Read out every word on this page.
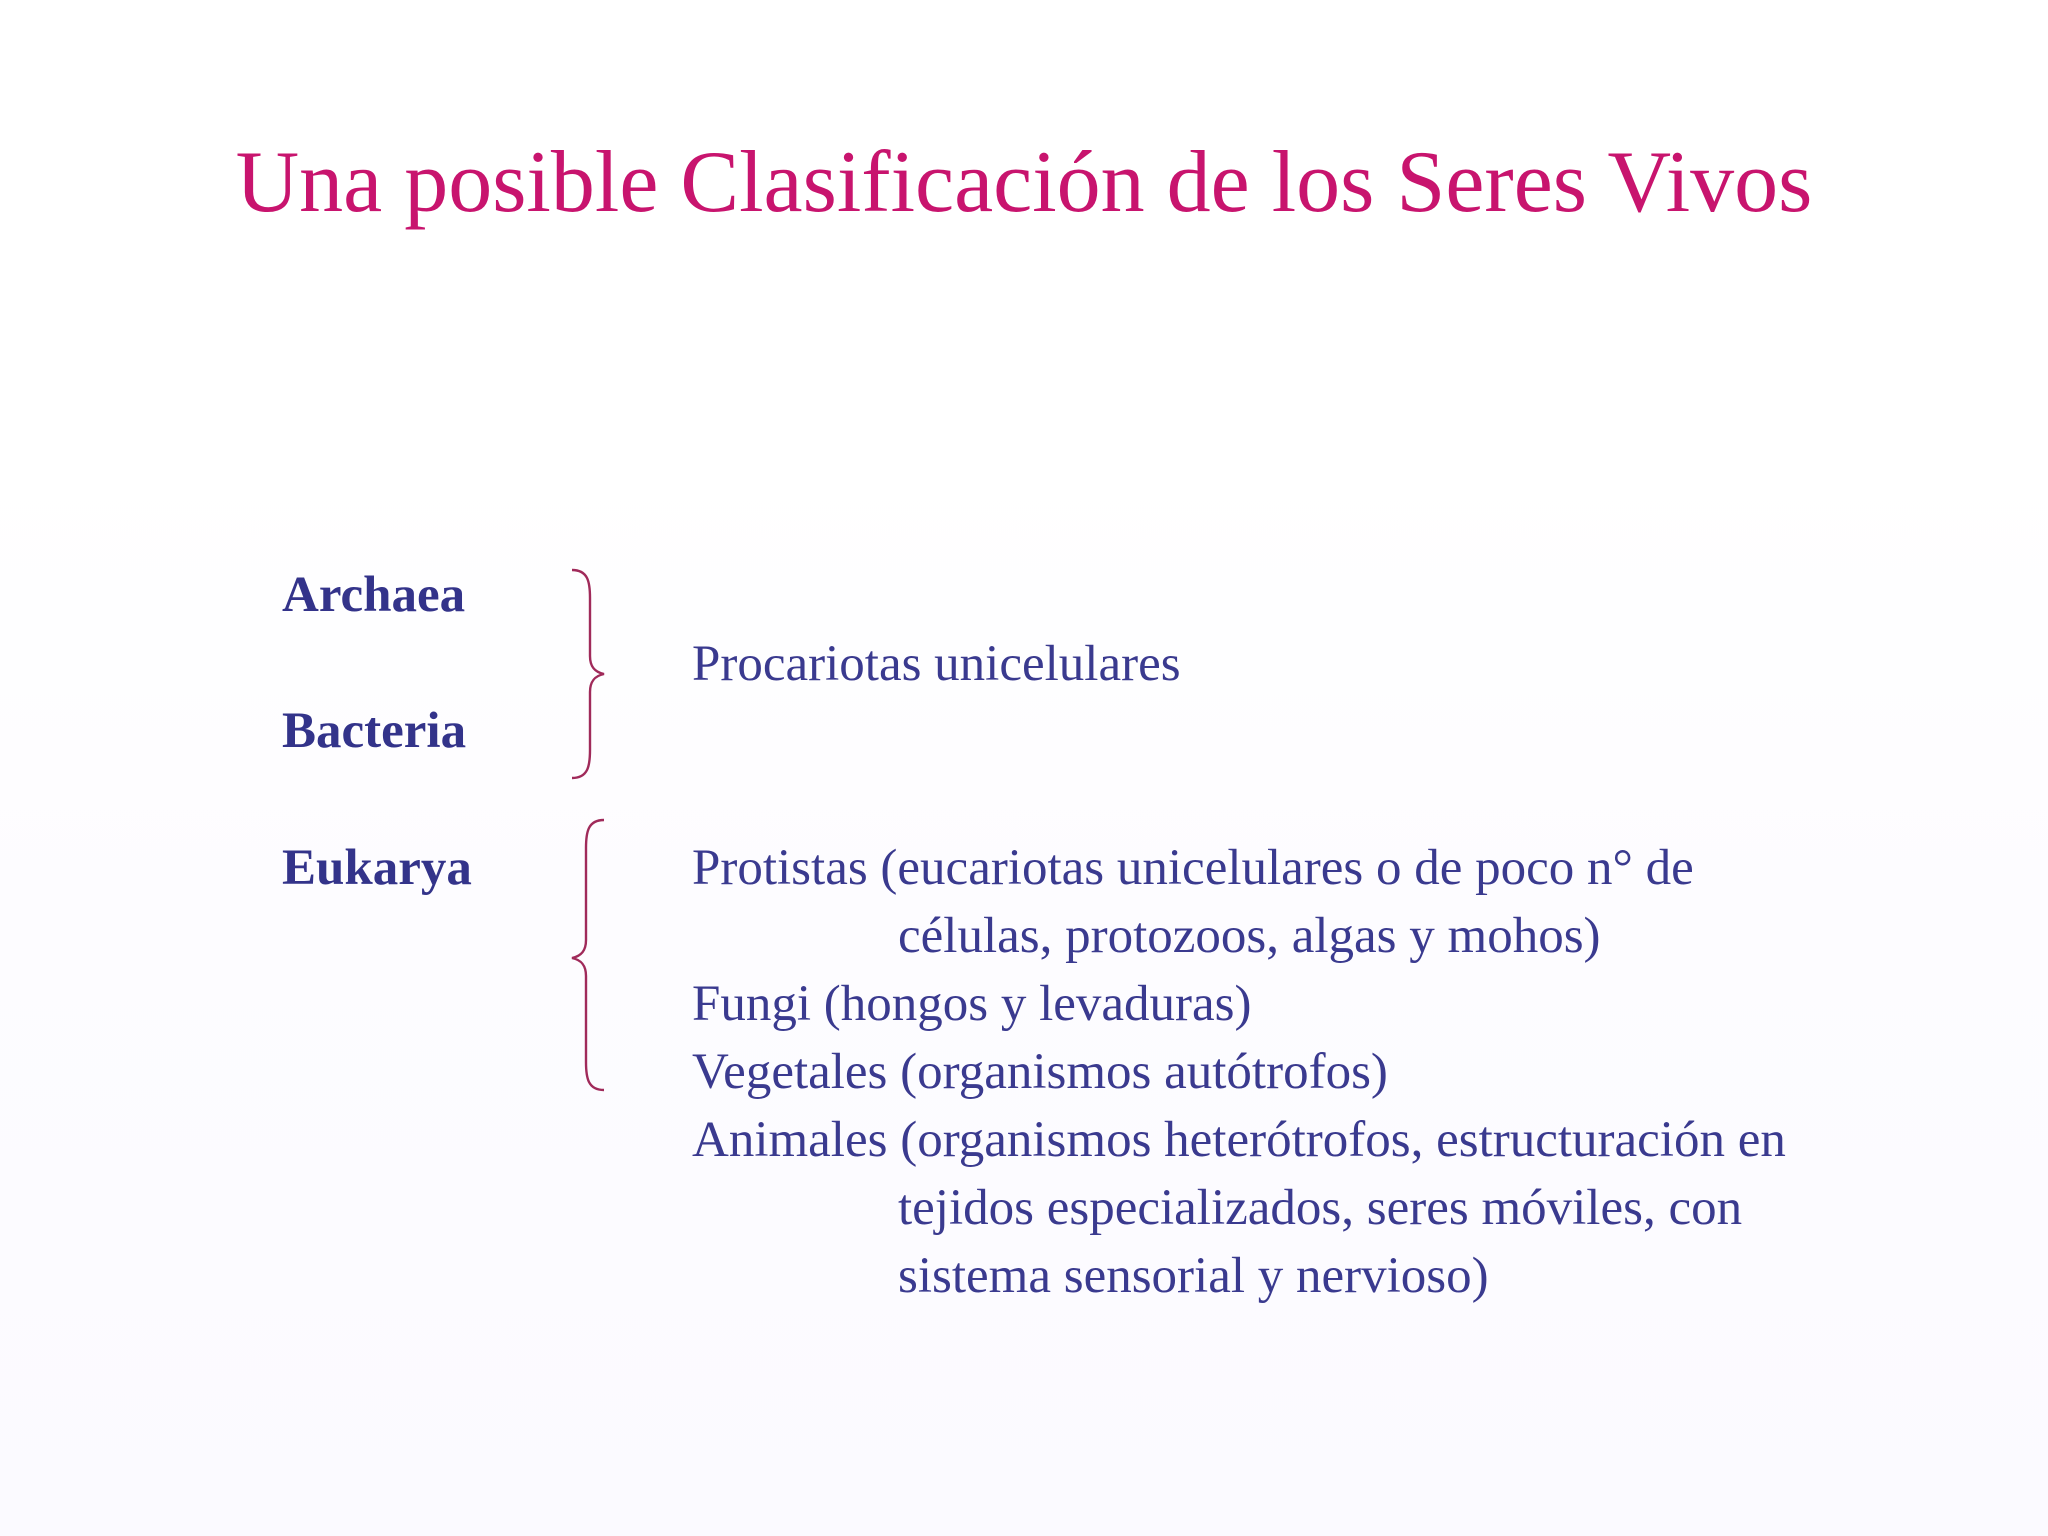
Una posible Clasificación de los Seres Vivos
Archaea
Bacteria
Eukarya
Procariotas unicelulares
Protistas (eucariotas unicelulares o de poco n° de
células, protozoos, algas y mohos)
Fungi (hongos y levaduras)
Vegetales (organismos autótrofos)
Animales (organismos heterótrofos, estructuración en
tejidos especializados, seres móviles, con
sistema sensorial y nervioso)
